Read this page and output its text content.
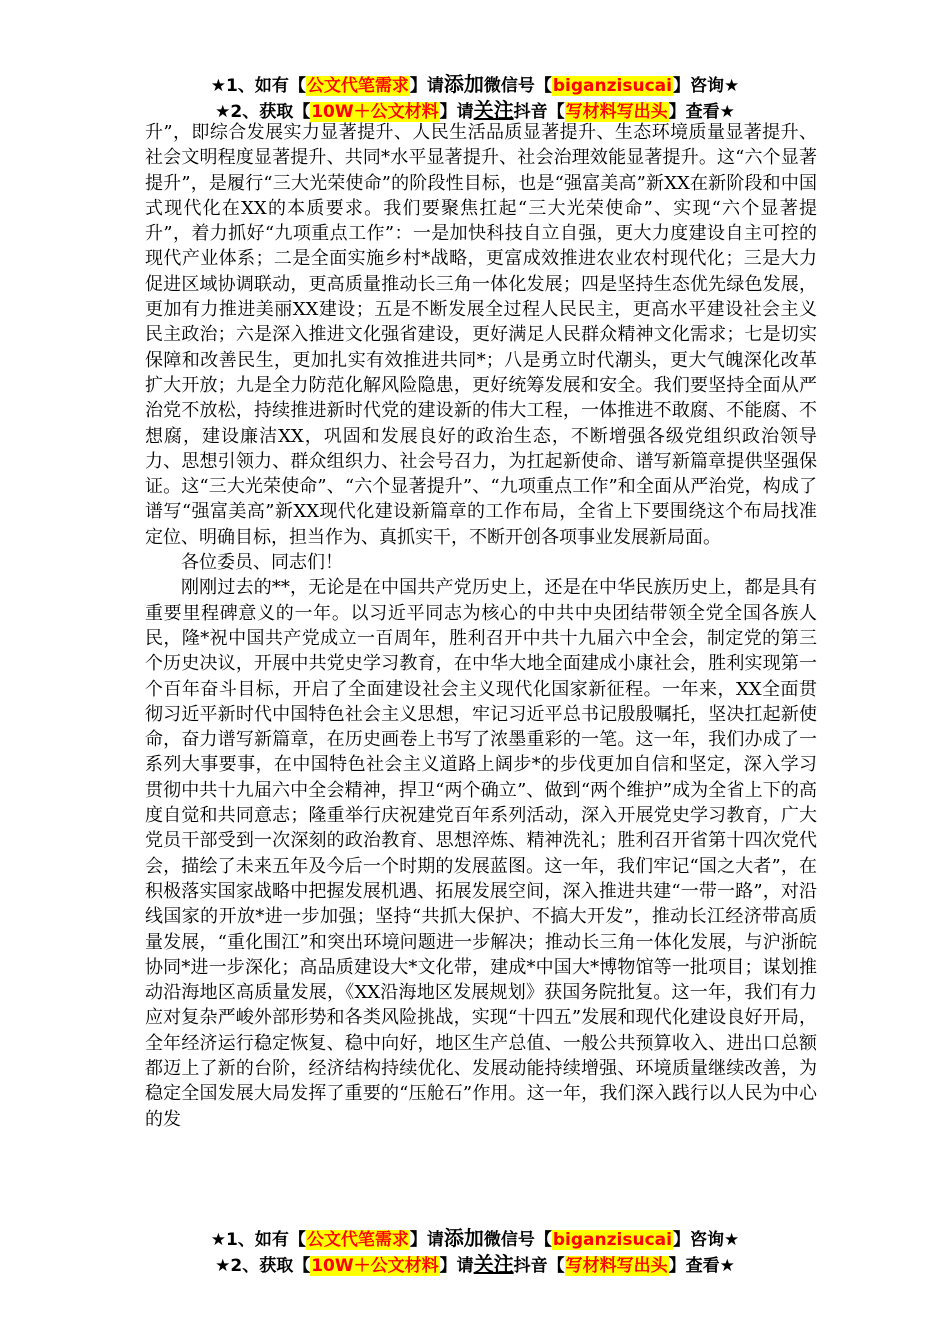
★1、如有【公文代笔需求】请添加微信号【biganzisucai】咨询★
★2、获取【10W＋公文材料】请关注抖音【写材料写出头】查看★

升”，即综合发展实力显著提升、人民生活品质显著提升、生态环境质量显著提升、社会文明程度显著提升、共同*水平显著提升、社会治理效能显著提升。这“六个显著提升”，是履行“三大光荣使命”的阶段性目标，也是“强富美高”新XX在新阶段和中国式现代化在XX的本质要求。我们要聚焦扛起“三大光荣使命”、实现“六个显著提升”，着力抓好“九项重点工作”：一是加快科技自立自强，更大力度建设自主可控的现代产业体系；二是全面实施乡村*战略，更富成效推进农业农村现代化；三是大力促进区域协调联动，更高质量推动长三角一体化发展；四是坚持生态优先绿色发展，更加有力推进美丽XX建设；五是不断发展全过程人民民主，更高水平建设社会主义民主政治；六是深入推进文化强省建设，更好满足人民群众精神文化需求；七是切实保障和改善民生，更加扎实有效推进共同*；八是勇立时代潮头，更大气魄深化改革扩大开放；九是全力防范化解风险隐患，更好统筹发展和安全。我们要坚持全面从严治党不放松，持续推进新时代党的建设新的伟大工程，一体推进不敢腐、不能腐、不想腐，建设廉洁XX，巩固和发展良好的政治生态，不断增强各级党组织政治领导力、思想引领力、群众组织力、社会号召力，为扛起新使命、谱写新篇章提供坚强保证。这“三大光荣使命”、“六个显著提升”、“九项重点工作”和全面从严治党，构成了谱写“强富美高”新XX现代化建设新篇章的工作布局，全省上下要围绕这个布局找准定位、明确目标，担当作为、真抓实干，不断开创各项事业发展新局面。

各位委员、同志们！

刚刚过去的**，无论是在中国共产党历史上，还是在中华民族历史上，都是具有重要里程碑意义的一年。以习近平同志为核心的中共中央团结带领全党全国各族人民，隆*祝中国共产党成立一百周年，胜利召开中共十九届六中全会，制定党的第三个历史决议，开展中共党史学习教育，在中华大地全面建成小康社会，胜利实现第一个百年奋斗目标，开启了全面建设社会主义现代化国家新征程。一年来，XX全面贯彻习近平新时代中国特色社会主义思想，牢记习近平总书记殷殷嘱托，坚决扛起新使命，奋力谱写新篇章，在历史画卷上书写了浓墨重彩的一笔。这一年，我们办成了一系列大事要事，在中国特色社会主义道路上阔步*的步伐更加自信和坚定，深入学习贯彻中共十九届六中全会精神，捍卫“两个确立”、做到“两个维护”成为全省上下的高度自觉和共同意志；隆重举行庆祝建党百年系列活动，深入开展党史学习教育，广大党员干部受到一次深刻的政治教育、思想淬炼、精神洗礼；胜利召开省第十四次党代会，描绘了未来五年及今后一个时期的发展蓝图。这一年，我们牢记“国之大者”，在积极落实国家战略中把握发展机遇、拓展发展空间，深入推进共建“一带一路”，对沿线国家的开放*进一步加强；坚持“共抓大保护、不搞大开发”，推动长江经济带高质量发展，“重化围江”和突出环境问题进一步解决；推动长三角一体化发展，与沪浙皖协同*进一步深化；高品质建设大*文化带，建成*中国大*博物馆等一批项目；谋划推动沿海地区高质量发展，《XX沿海地区发展规划》获国务院批复。这一年，我们有力应对复杂严峻外部形势和各类风险挑战，实现“十四五”发展和现代化建设良好开局，全年经济运行稳定恢复、稳中向好，地区生产总值、一般公共预算收入、进出口总额都迈上了新的台阶，经济结构持续优化、发展动能持续增强、环境质量继续改善，为稳定全国发展大局发挥了重要的“压舱石”作用。这一年，我们深入践行以人民为中心的发

★1、如有【公文代笔需求】请添加微信号【biganzisucai】咨询★
★2、获取【10W＋公文材料】请关注抖音【写材料写出头】查看★
